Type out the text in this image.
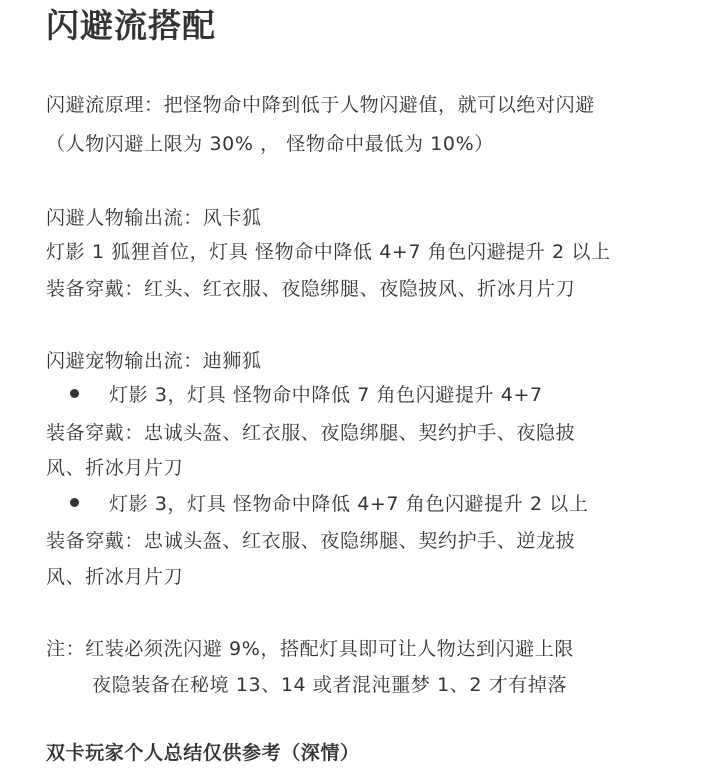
闪避流搭配
闪避流原理：把怪物命中降到低于人物闪避值，就可以绝对闪避
（人物闪避上限为 30% ， 怪物命中最低为 10%）
闪避人物输出流：风卡狐
灯影 1 狐狸首位，灯具 怪物命中降低 4+7 角色闪避提升 2 以上
装备穿戴：红头、红衣服、夜隐绑腿、夜隐披风、折冰月片刀
闪避宠物输出流：迪狮狐
灯影 3，灯具 怪物命中降低 7 角色闪避提升 4+7
装备穿戴：忠诚头盔、红衣服、夜隐绑腿、契约护手、夜隐披
风、折冰月片刀
灯影 3，灯具 怪物命中降低 4+7 角色闪避提升 2 以上
装备穿戴：忠诚头盔、红衣服、夜隐绑腿、契约护手、逆龙披
风、折冰月片刀
注：红装必须洗闪避 9%，搭配灯具即可让人物达到闪避上限
夜隐装备在秘境 13、14 或者混沌噩梦 1、2 才有掉落
双卡玩家个人总结仅供参考（深情）
